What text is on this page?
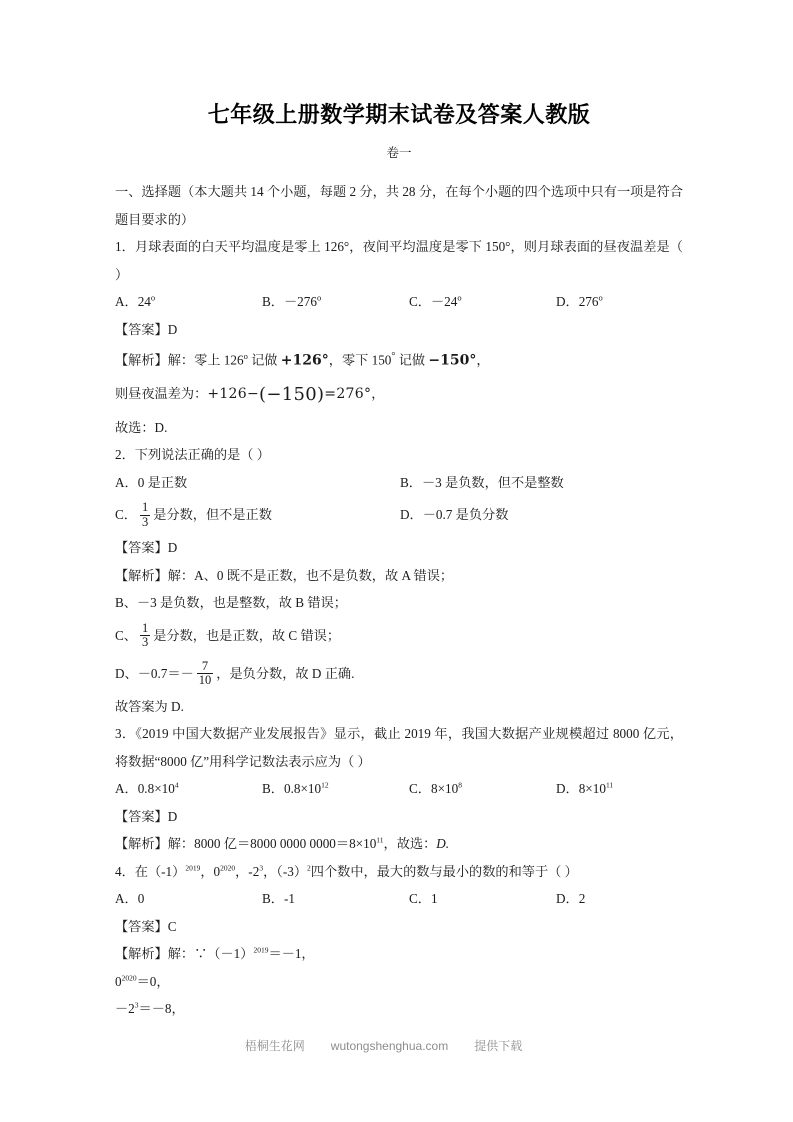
七年级上册数学期末试卷及答案人教版
卷一
一、选择题（本大题共 14 个小题，每题 2 分，共 28 分，在每个小题的四个选项中只有一项是符合题目要求的）
1．月球表面的白天平均温度是零上 126°，夜间平均温度是零下 150°，则月球表面的昼夜温差是（ ）
A．24$^o$	B．$-276^o$	C．$-24^o$	D．276$^o$
【答案】D
【解析】解：零上 126$^o$ 记做 +126°，零下 150° 记做 −150°，
则昼夜温差为：+126−(−150)=276°，
故选：D.
2．下列说法正确的是（ ）
A．0 是正数	B．－3 是负数，但不是整数
C． $\frac{1}{3}$ 是分数，但不是正数	D．－0.7 是负分数
【答案】D
【解析】解：A、0 既不是正数，也不是负数，故 A 错误；
B、－3 是负数，也是整数，故 B 错误；
C、 $\frac{1}{3}$ 是分数，也是正数，故 C 错误；
D、$-0.7=- \frac{7}{10}$ ，是负分数，故 D 正确.
故答案为 D.
3．《2019 中国大数据产业发展报告》显示，截止 2019 年，我国大数据产业规模超过 8000 亿元，将数据“8000 亿”用科学记数法表示应为（ ）
A．$0.8\times 10^4$	B．$0.8\times 10^{12}$	C．$8\times 10^8$	D．$8\times 10^{11}$
【答案】D
【解析】解：8000 亿＝8000 0000 $0000=8\times 10^{11}$，故选：D.
4．在$(-1)^{2019}$，$0^{2020}$，$-2^3$，$(-3)^2$四个数中，最大的数与最小的数的和等于（ ）
A．0	B．-1	C．1	D．2
【答案】C
【解析】解：$\because(-1)^{2019}=-1$，
$0^{2020}=0$，
$-2^3=-8$，
梧桐生花网 wutongshenghua.com 提供下载
